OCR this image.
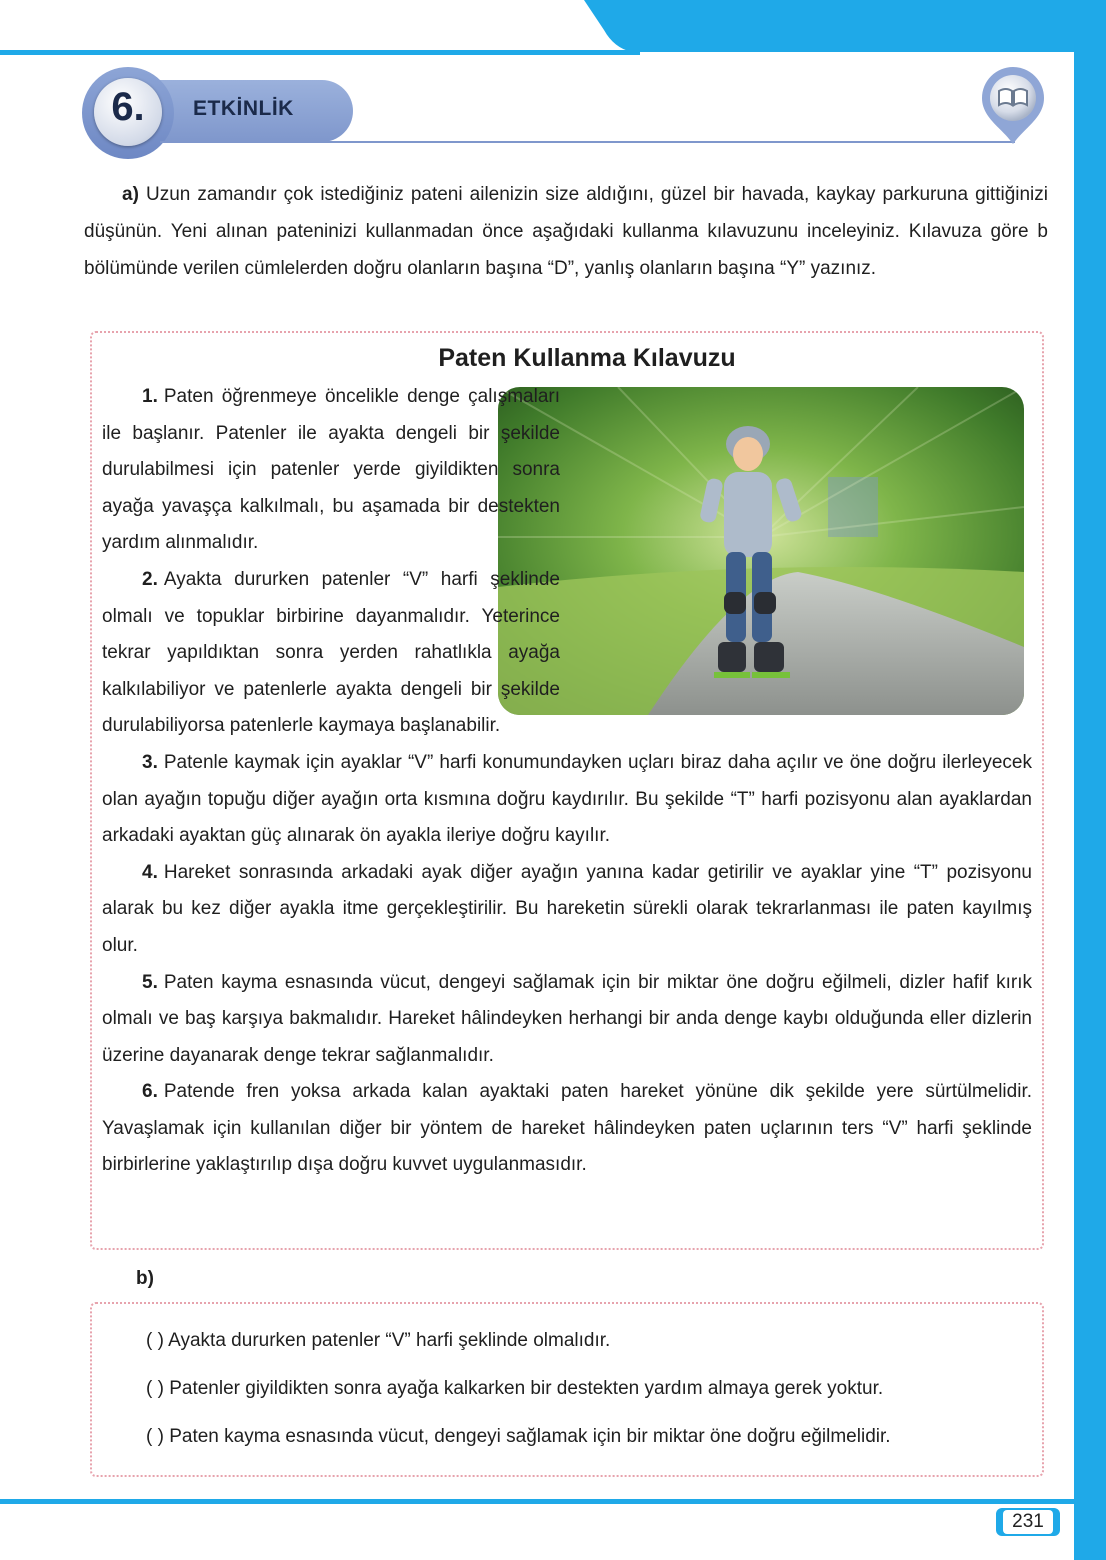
ETKİNLİK
6.
a) Uzun zamandır çok istediğiniz pateni ailenizin size aldığını, güzel bir havada, kaykay parkuruna gittiğinizi düşünün. Yeni alınan pateninizi kullanmadan önce aşağıdaki kullanma kılavuzunu inceleyiniz. Kılavuza göre b bölümünde verilen cümlelerden doğru olanların başına “D”, yanlış olanların başına “Y” yazınız.
Paten Kullanma Kılavuzu

1. Paten öğrenmeye öncelikle denge çalışmaları ile başlanır. Patenler ile ayakta dengeli bir şekilde durulabilmesi için patenler yerde giyildikten sonra ayağa yavaşça kalkılmalı, bu aşamada bir destekten yardım alınmalıdır.

2. Ayakta dururken patenler “V” harfi şeklinde olmalı ve topuklar birbirine dayanmalıdır. Yeterince tekrar yapıldıktan sonra yerden rahatlıkla ayağa kalkılabiliyor ve patenlerle ayakta dengeli bir şekilde durulabiliyorsa patenlerle kaymaya başlanabilir.

3. Patenle kaymak için ayaklar “V” harfi konumundayken uçları biraz daha açılır ve öne doğru ilerleyecek olan ayağın topuğu diğer ayağın orta kısmına doğru kaydırılır. Bu şekilde “T” harfi pozisyonu alan ayaklardan arkadaki ayaktan güç alınarak ön ayakla ileriye doğru kayılır.

4. Hareket sonrasında arkadaki ayak diğer ayağın yanına kadar getirilir ve ayaklar yine “T” pozisyonu alarak bu kez diğer ayakla itme gerçekleştirilir. Bu hareketin sürekli olarak tekrarlanması ile paten kayılmış olur.

5. Paten kayma esnasında vücut, dengeyi sağlamak için bir miktar öne doğru eğilmeli, dizler hafif kırık olmalı ve baş karşıya bakmalıdır. Hareket hâlindeyken herhangi bir anda denge kaybı olduğunda eller dizlerin üzerine dayanarak denge tekrar sağlanmalıdır.

6. Patende fren yoksa arkada kalan ayaktaki paten hareket yönüne dik şekilde yere sürtülmelidir. Yavaşlamak için kullanılan diğer bir yöntem de hareket hâlindeyken paten uçlarının ters “V” harfi şeklinde birbirlerine yaklaştırılıp dışa doğru kuvvet uygulanmasıdır.

b)
( ) Ayakta dururken patenler “V” harfi şeklinde olmalıdır.
( ) Patenler giyildikten sonra ayağa kalkarken bir destekten yardım almaya gerek yoktur.
( ) Paten kayma esnasında vücut, dengeyi sağlamak için bir miktar öne doğru eğilmelidir.
231
